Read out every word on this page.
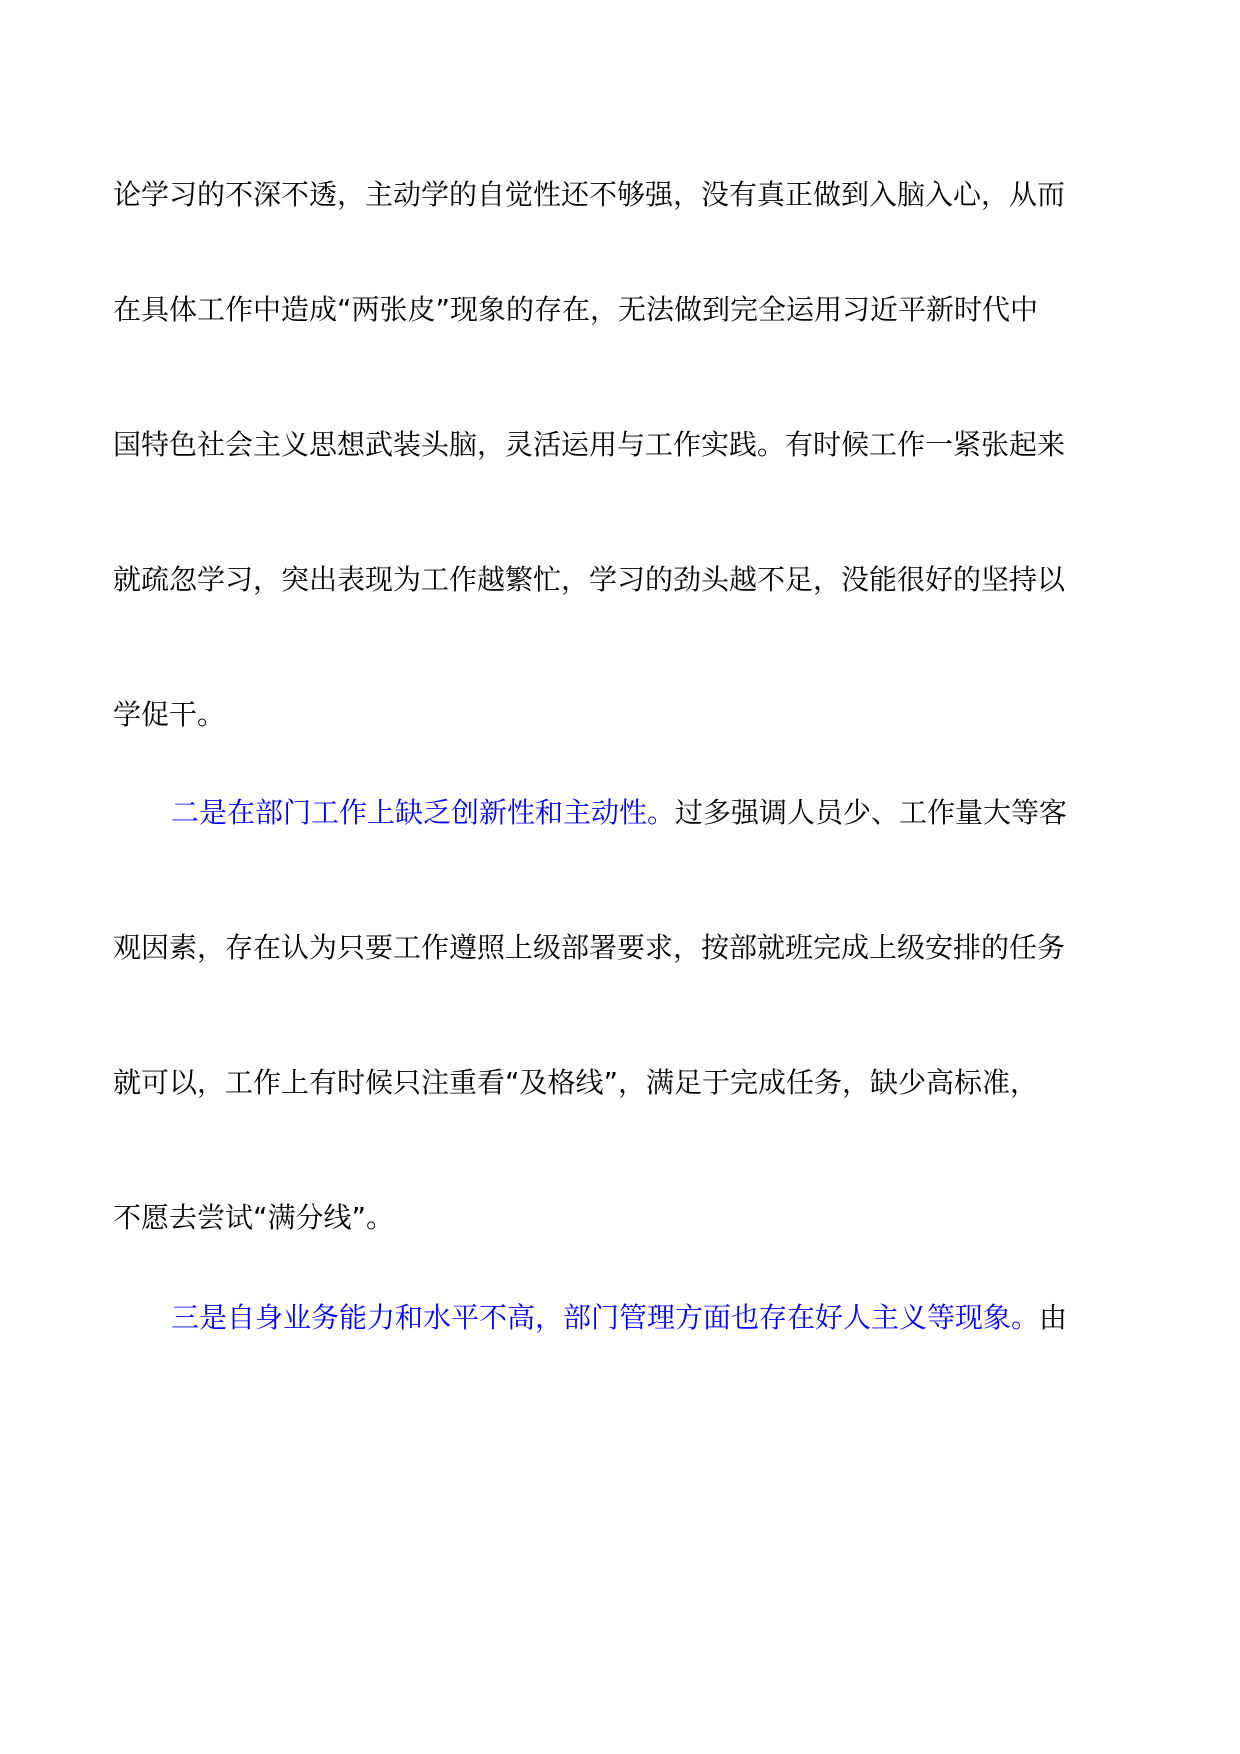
论学习的不深不透，主动学的自觉性还不够强，没有真正做到入脑入心，从而
在具体工作中造成“两张皮”现象的存在，无法做到完全运用习近平新时代中
国特色社会主义思想武装头脑，灵活运用与工作实践。有时候工作一紧张起来
就疏忽学习，突出表现为工作越繁忙，学习的劲头越不足，没能很好的坚持以
学促干。
二是在部门工作上缺乏创新性和主动性。过多强调人员少、工作量大等客
观因素，存在认为只要工作遵照上级部署要求，按部就班完成上级安排的任务
就可以，工作上有时候只注重看“及格线”，满足于完成任务，缺少高标准，
不愿去尝试“满分线”。
三是自身业务能力和水平不高，部门管理方面也存在好人主义等现象。由
